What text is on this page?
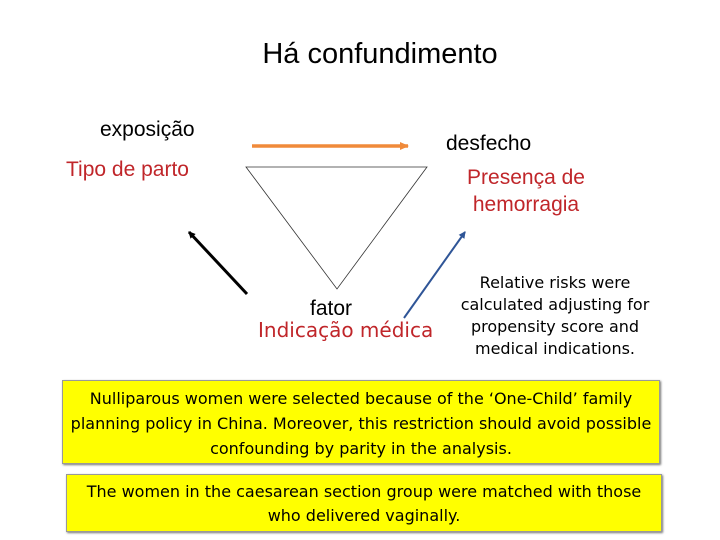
Há confundimento
exposição
Tipo de parto
desfecho
Presença de hemorragia
fator
Indicação médica
Relative risks were calculated adjusting for propensity score and medical indications.
Nulliparous women were selected because of the ‘One-Child’ family planning policy in China. Moreover, this restriction should avoid possible confounding by parity in the analysis.
The women in the caesarean section group were matched with those who delivered vaginally.
